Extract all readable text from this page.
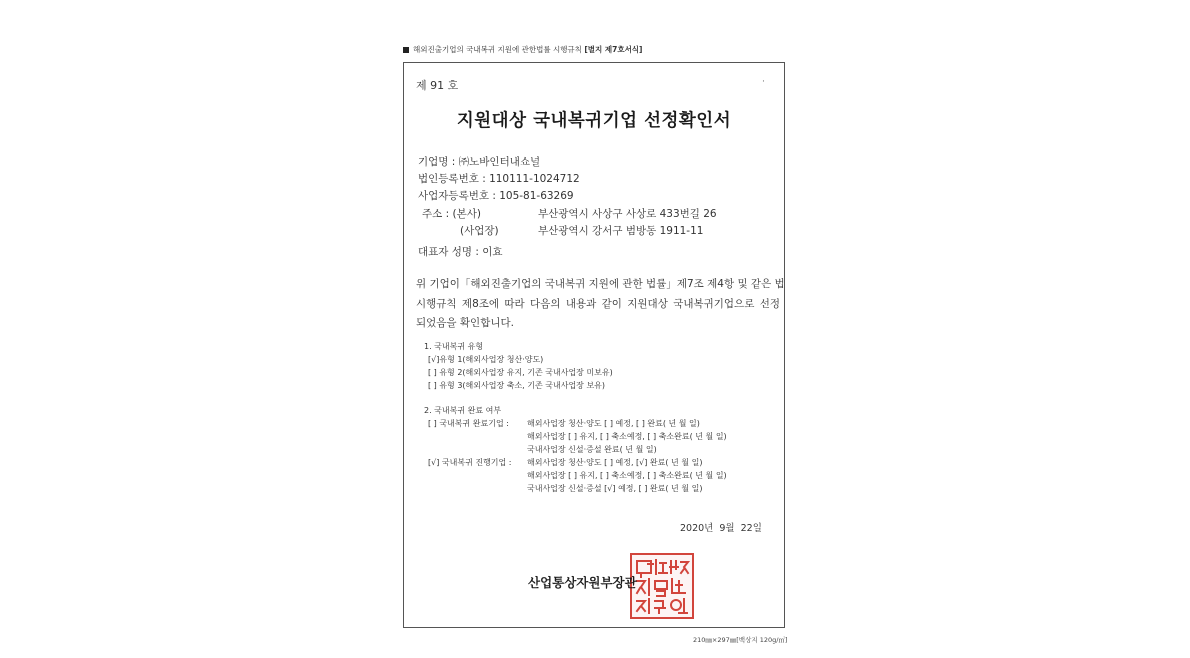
해외진출기업의 국내복귀 지원에 관한법률 시행규칙 [별지 제7호서식]
제 91 호	·
지원대상 국내복귀기업 선정확인서
기업명 : ㈜노바인터내쇼널
법인등록번호 : 110111-1024712
사업자등록번호 : 105-81-63269
주소 : (본사)	부산광역시 사상구 사상로 433번길 26
(사업장)	부산광역시 강서구 범방동 1911-11
대표자 성명 : 이효
위 기업이「해외진출기업의 국내복귀 지원에 관한 법률」제7조 제4항 및 같은 법
시행규칙 제8조에 따라 다음의 내용과 같이 지원대상 국내복귀기업으로 선정
되었음을 확인합니다.
1. 국내복귀 유형
[√]유형 1(해외사업장 청산·양도)
[ ] 유형 2(해외사업장 유지, 기존 국내사업장 미보유)
[ ] 유형 3(해외사업장 축소, 기존 국내사업장 보유)
2. 국내복귀 완료 여부
[ ] 국내복귀 완료기업 : 해외사업장 청산·양도 [ ] 예정, [ ] 완료( 년 월 일)
해외사업장 [ ] 유지, [ ] 축소예정, [ ] 축소완료( 년 월 일)
국내사업장 신설·증설 완료( 년 월 일)
[√] 국내복귀 진행기업 : 해외사업장 청산·양도 [ ] 예정, [√] 완료( 년 월 일)
해외사업장 [ ] 유지, [ ] 축소예정, [ ] 축소완료( 년 월 일)
국내사업장 신설·증설 [√] 예정, [ ] 완료( 년 월 일)
2020년 9월 22일
산업통상자원부장관
210㎜×297㎜[백상지 120g/㎡]
